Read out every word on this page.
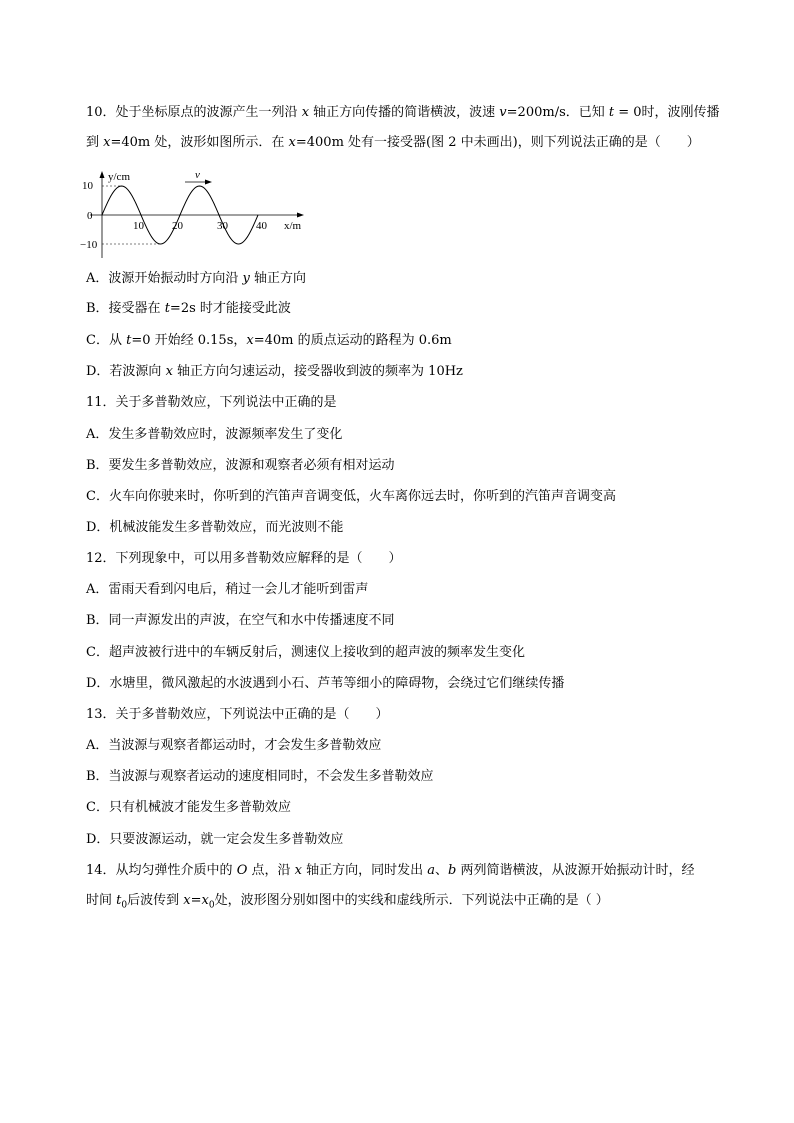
10．处于坐标原点的波源产生一列沿 x 轴正方向传播的简谐横波，波速 v=200m/s．已知 t = 0时，波刚传播
到 x=40m 处，波形如图所示．在 x=400m 处有一接受器(图 2 中未画出)，则下列说法正确的是（　　）
y/cm
x/m
10
0
−10
10	20	30	40
v
A．波源开始振动时方向沿 y 轴正方向
B．接受器在 t=2s 时才能接受此波
C．从 t=0 开始经 0.15s，x=40m 的质点运动的路程为 0.6m
D．若波源向 x 轴正方向匀速运动，接受器收到波的频率为 10Hz
11．关于多普勒效应，下列说法中正确的是
A．发生多普勒效应时，波源频率发生了变化
B．要发生多普勒效应，波源和观察者必须有相对运动
C．火车向你驶来时，你听到的汽笛声音调变低，火车离你远去时，你听到的汽笛声音调变高
D．机械波能发生多普勒效应，而光波则不能
12．下列现象中，可以用多普勒效应解释的是（　　）
A．雷雨天看到闪电后，稍过一会儿才能听到雷声
B．同一声源发出的声波，在空气和水中传播速度不同
C．超声波被行进中的车辆反射后，测速仪上接收到的超声波的频率发生变化
D．水塘里，微风激起的水波遇到小石、芦苇等细小的障碍物，会绕过它们继续传播
13．关于多普勒效应，下列说法中正确的是（　　）
A．当波源与观察者都运动时，才会发生多普勒效应
B．当波源与观察者运动的速度相同时，不会发生多普勒效应
C．只有机械波才能发生多普勒效应
D．只要波源运动，就一定会发生多普勒效应
14．从均匀弹性介质中的 O 点，沿 x 轴正方向，同时发出 a、b 两列简谐横波，从波源开始振动计时，经
时间 $t_0$后波传到 $x=x_0$处，波形图分别如图中的实线和虚线所示．下列说法中正确的是（ ）
